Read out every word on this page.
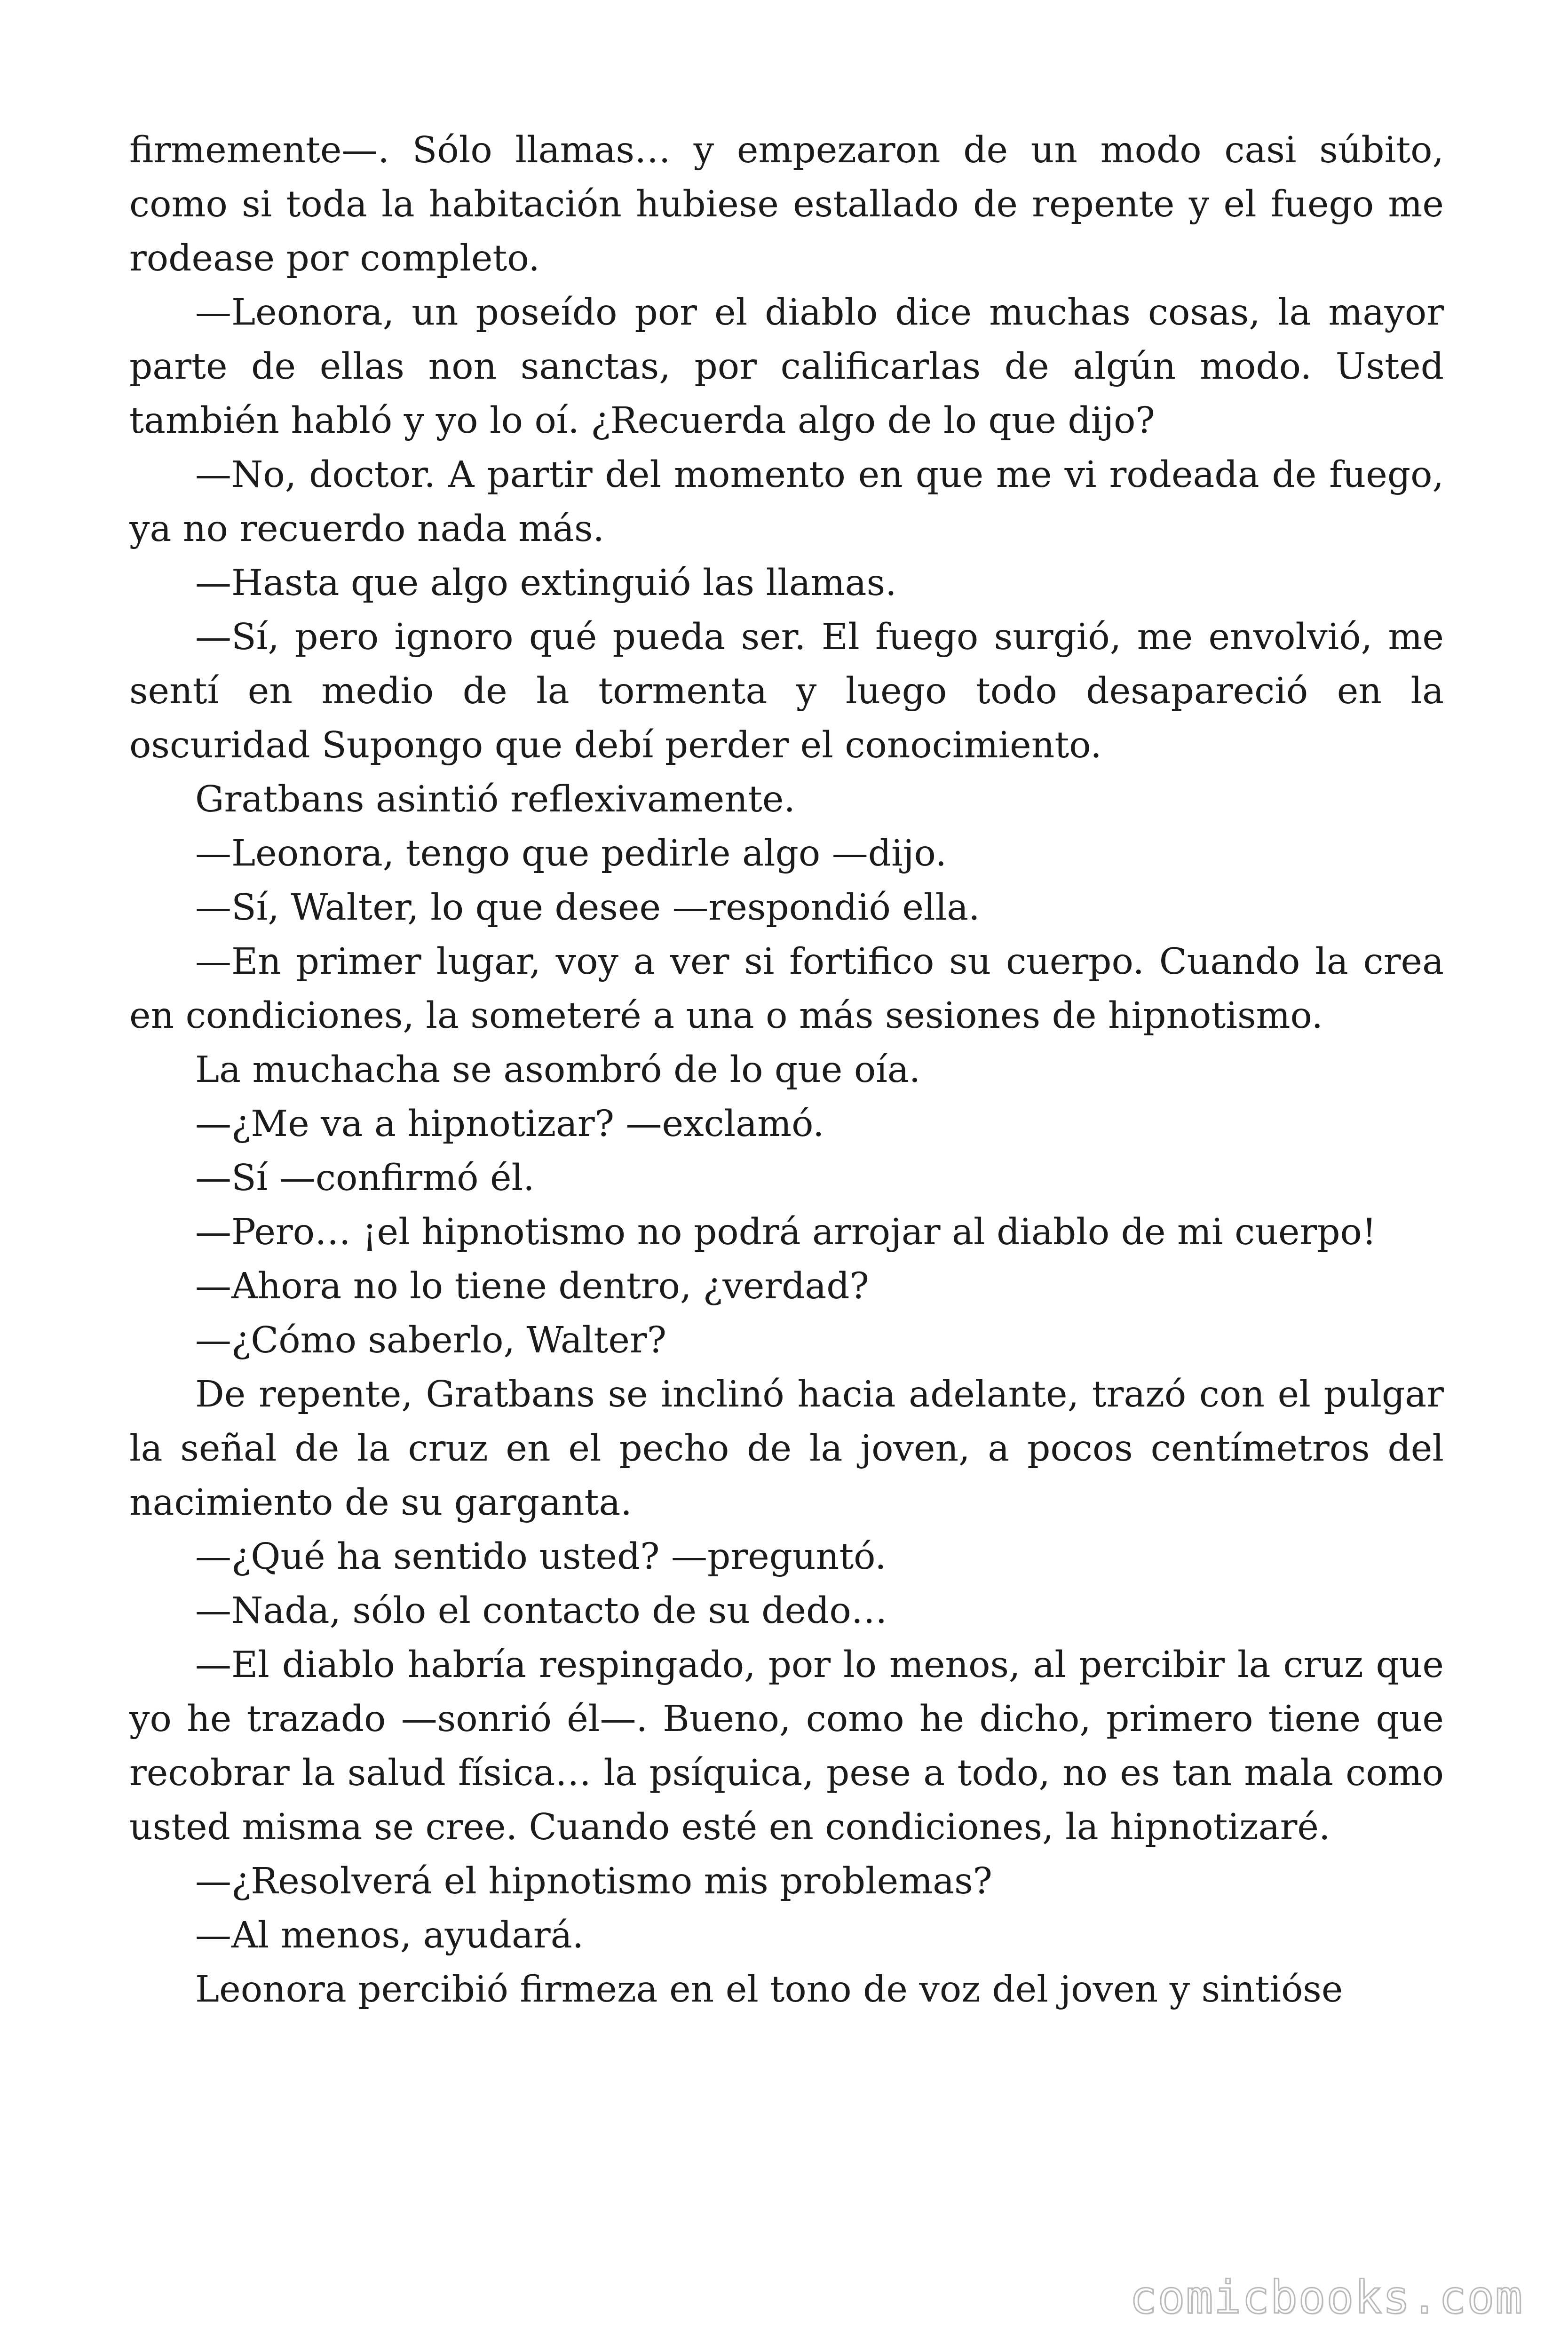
firmemente—. Sólo llamas… y empezaron de un modo casi súbito, como si toda la habitación hubiese estallado de repente y el fuego me rodease por completo.

—Leonora, un poseído por el diablo dice muchas cosas, la mayor parte de ellas non sanctas, por calificarlas de algún modo. Usted también habló y yo lo oí. ¿Recuerda algo de lo que dijo?

—No, doctor. A partir del momento en que me vi rodeada de fuego, ya no recuerdo nada más.

—Hasta que algo extinguió las llamas.

—Sí, pero ignoro qué pueda ser. El fuego surgió, me envolvió, me sentí en medio de la tormenta y luego todo desapareció en la oscuridad Supongo que debí perder el conocimiento.

Gratbans asintió reflexivamente.

—Leonora, tengo que pedirle algo —dijo.

—Sí, Walter, lo que desee —respondió ella.

—En primer lugar, voy a ver si fortifico su cuerpo. Cuando la crea en condiciones, la someteré a una o más sesiones de hipnotismo.

La muchacha se asombró de lo que oía.

—¿Me va a hipnotizar? —exclamó.

—Sí —confirmó él.

—Pero… ¡el hipnotismo no podrá arrojar al diablo de mi cuerpo!

—Ahora no lo tiene dentro, ¿verdad?

—¿Cómo saberlo, Walter?

De repente, Gratbans se inclinó hacia adelante, trazó con el pulgar la señal de la cruz en el pecho de la joven, a pocos centímetros del nacimiento de su garganta.

—¿Qué ha sentido usted? —preguntó.

—Nada, sólo el contacto de su dedo…

—El diablo habría respingado, por lo menos, al percibir la cruz que yo he trazado —sonrió él—. Bueno, como he dicho, primero tiene que recobrar la salud física… la psíquica, pese a todo, no es tan mala como usted misma se cree. Cuando esté en condiciones, la hipnotizaré.

—¿Resolverá el hipnotismo mis problemas?

—Al menos, ayudará.

Leonora percibió firmeza en el tono de voz del joven y sintióse

comicbooks.com
